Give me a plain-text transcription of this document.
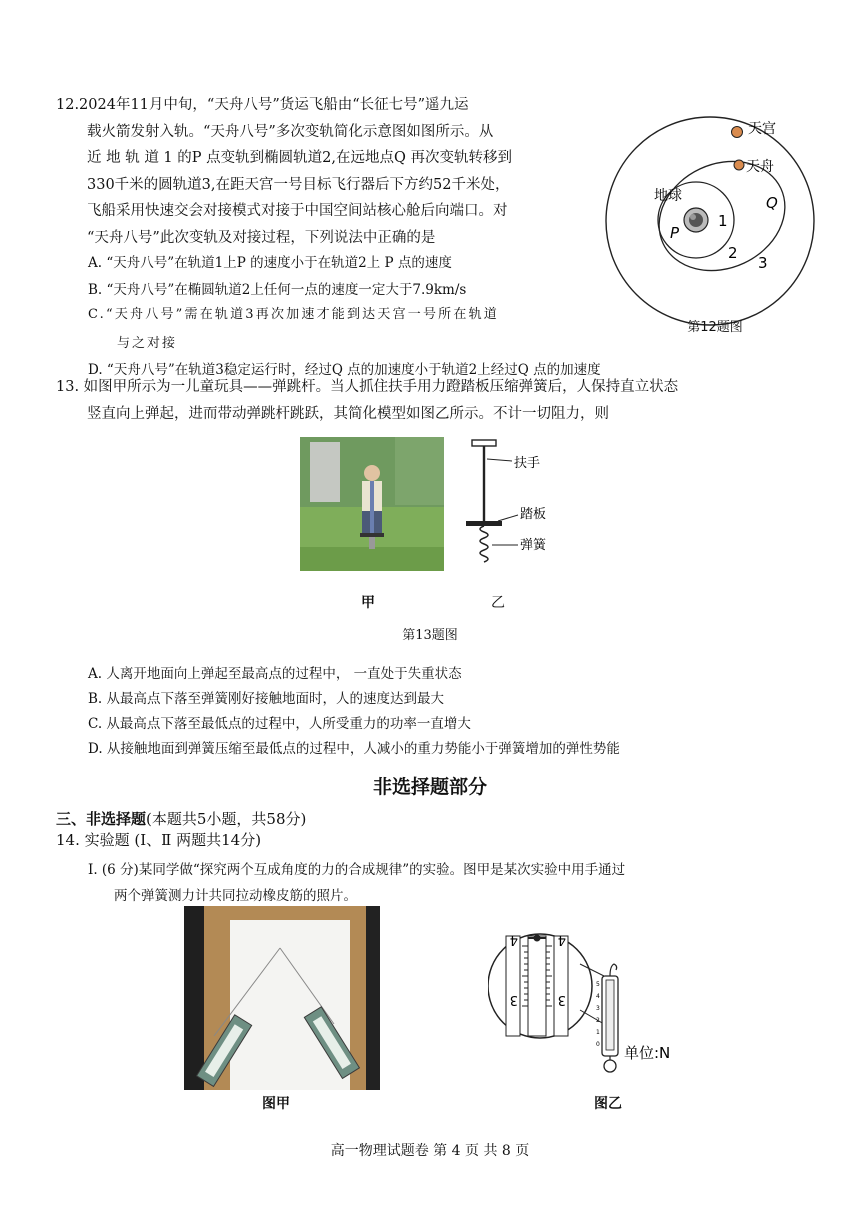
12.2024年11月中旬，“天舟八号”货运飞船由“长征七号”遥九运
载火箭发射入轨。“天舟八号”多次变轨简化示意图如图所示。从
近 地 轨 道 1 的P 点变轨到椭圆轨道2,在远地点Q 再次变轨转移到
330千米的圆轨道3,在距天宫一号目标飞行器后下方约52千米处，
飞船采用快速交会对接模式对接于中国空间站核心舱后向端口。对
“天舟八号”此次变轨及对接过程，下列说法中正确的是
A. “天舟八号”在轨道1上P 的速度小于在轨道2上 P 点的速度
B. “天舟八号”在椭圆轨道2上任何一点的速度一定大于7.9km/s
C.“天舟八号”需在轨道3再次加速才能到达天宫一号所在轨道
与之对接
D. “天舟八号”在轨道3稳定运行时，经过Q 点的加速度小于轨道2上经过Q 点的加速度
天宫
天舟
地球	Q
P
1
2
3
第12题图
13. 如图甲所示为一儿童玩具——弹跳杆。当人抓住扶手用力蹬踏板压缩弹簧后，人保持直立状态
竖直向上弹起，进而带动弹跳杆跳跃，其简化模型如图乙所示。不计一切阻力，则
扶手
踏板
弹簧
甲	乙
第13题图
A. 人离开地面向上弹起至最高点的过程中， 一直处于失重状态
B. 从最高点下落至弹簧刚好接触地面时，人的速度达到最大
C. 从最高点下落至最低点的过程中，人所受重力的功率一直增大
D. 从接触地面到弹簧压缩至最低点的过程中，人减小的重力势能小于弹簧增加的弹性势能
非选择题部分
三、非选择题(本题共5小题，共58分)
14. 实验题 (I、Ⅱ 两题共14分)
I. (6 分)某同学做“探究两个互成角度的力的合成规律”的实验。图甲是某次实验中用手通过
两个弹簧测力计共同拉动橡皮筋的照片。
图甲
4	4
3	3
5
4
3
2
1
0 单位:N
图乙
高一物理试题卷 第 4 页 共 8 页
